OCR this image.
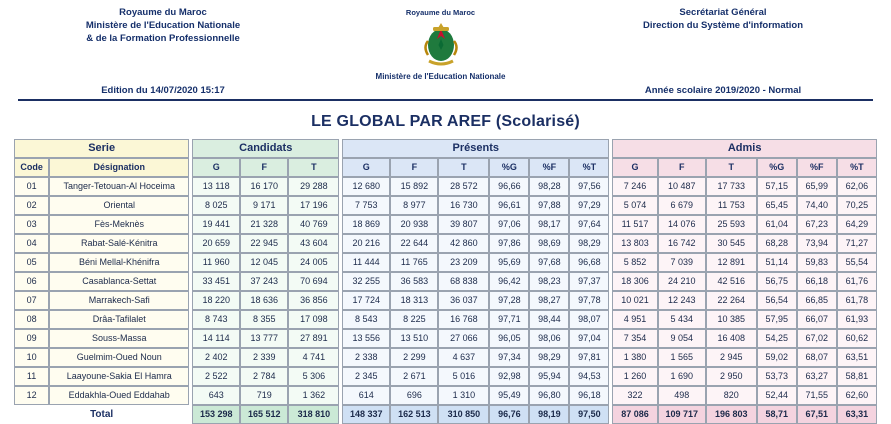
Royaume du Maroc
Ministère de l'Education Nationale
& de la Formation Professionnelle
Royaume du Maroc
Ministère de l'Education Nationale
Secrétariat Général
Direction du Système d'information
Edition du 14/07/2020 15:17	Année scolaire 2019/2020 - Normal
LE GLOBAL PAR AREF (Scolarisé)
Serie			Candidats				Présents							Admis					
Code	Désignation		G	F	T		G	F	T	%G	%F	%T		G	F	T	%G	%F	%T
01	Tanger-Tetouan-Al Hoceima		13 118	16 170	29 288		12 680	15 892	28 572	96,66	98,28	97,56		7 246	10 487	17 733	57,15	65,99	62,06
02	Oriental		8 025	9 171	17 196		7 753	8 977	16 730	96,61	97,88	97,29		5 074	6 679	11 753	65,45	74,40	70,25
03	Fès-Meknès		19 441	21 328	40 769		18 869	20 938	39 807	97,06	98,17	97,64		11 517	14 076	25 593	61,04	67,23	64,29
04	Rabat-Salé-Kénitra		20 659	22 945	43 604		20 216	22 644	42 860	97,86	98,69	98,29		13 803	16 742	30 545	68,28	73,94	71,27
05	Béni Mellal-Khénifra		11 960	12 045	24 005		11 444	11 765	23 209	95,69	97,68	96,68		5 852	7 039	12 891	51,14	59,83	55,54
06	Casablanca-Settat		33 451	37 243	70 694		32 255	36 583	68 838	96,42	98,23	97,37		18 306	24 210	42 516	56,75	66,18	61,76
07	Marrakech-Safi		18 220	18 636	36 856		17 724	18 313	36 037	97,28	98,27	97,78		10 021	12 243	22 264	56,54	66,85	61,78
08	Drâa-Tafilalet		8 743	8 355	17 098		8 543	8 225	16 768	97,71	98,44	98,07		4 951	5 434	10 385	57,95	66,07	61,93
09	Souss-Massa		14 114	13 777	27 891		13 556	13 510	27 066	96,05	98,06	97,04		7 354	9 054	16 408	54,25	67,02	60,62
10	Guelmim-Oued Noun		2 402	2 339	4 741		2 338	2 299	4 637	97,34	98,29	97,81		1 380	1 565	2 945	59,02	68,07	63,51
11	Laayoune-Sakia El Hamra		2 522	2 784	5 306		2 345	2 671	5 016	92,98	95,94	94,53		1 260	1 690	2 950	53,73	63,27	58,81
12	Eddakhla-Oued Eddahab		643	719	1 362		614	696	1 310	95,49	96,80	96,18		322	498	820	52,44	71,55	62,60
Total			153 298	165 512	318 810		148 337	162 513	310 850	96,76	98,19	97,50		87 086	109 717	196 803	58,71	67,51	63,31
